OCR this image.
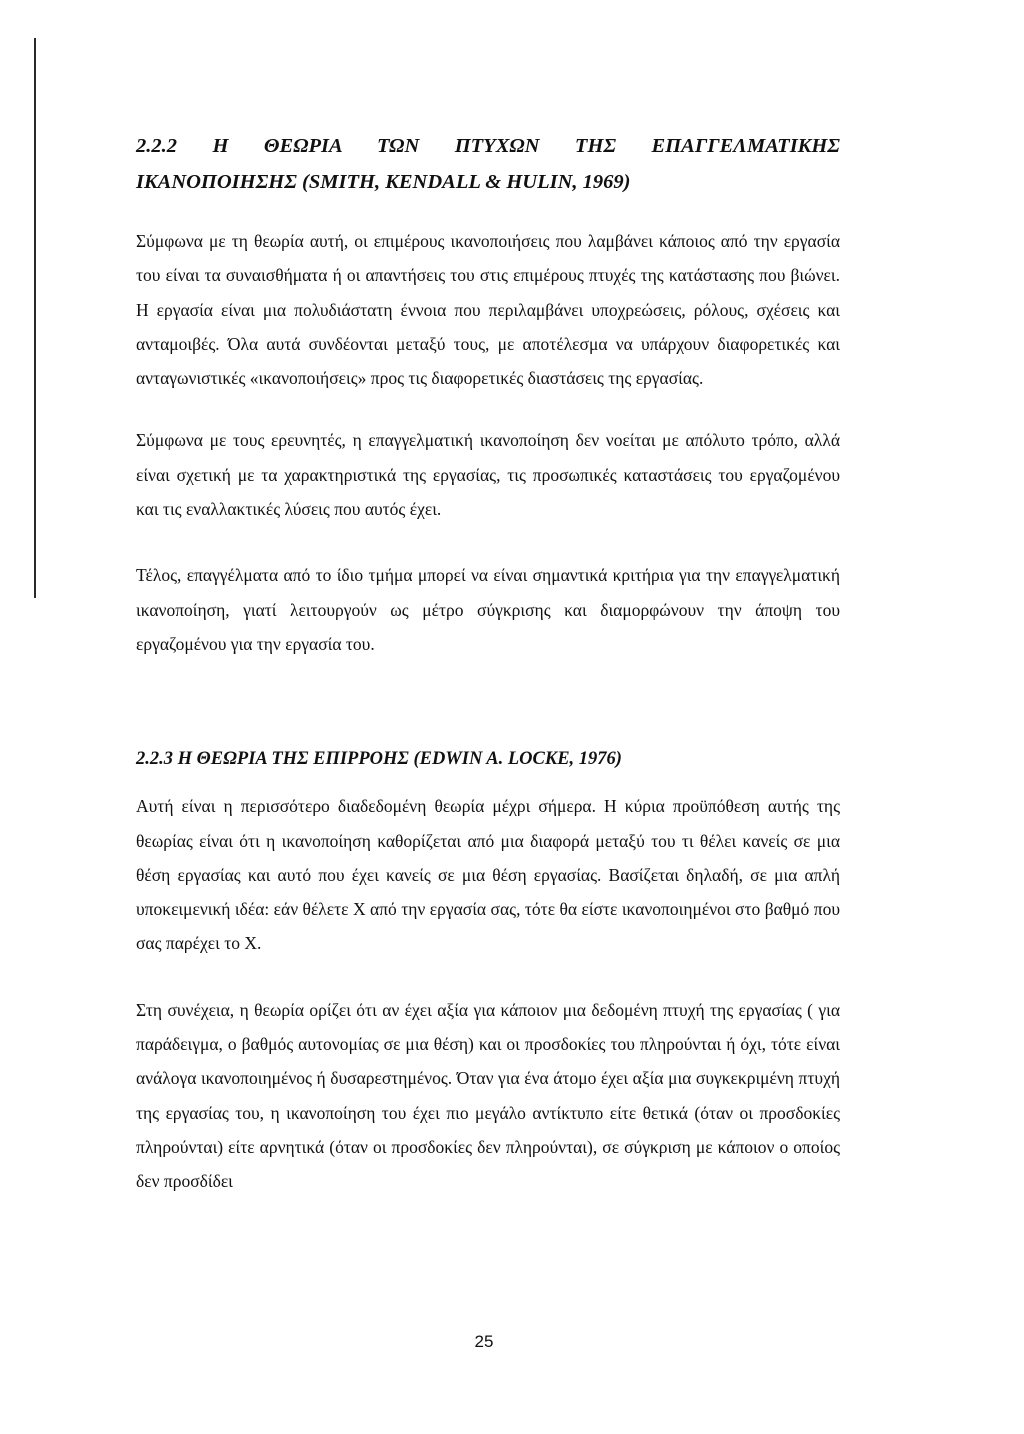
2.2.2 Η ΘΕΩΡΙΑ ΤΩΝ ΠΤΥΧΩΝ ΤΗΣ ΕΠΑΓΓΕΛΜΑΤΙΚΗΣ
ΙΚΑΝΟΠΟΙΗΣΗΣ (SMITH, KENDALL & HULIN, 1969)

Σύμφωνα με τη θεωρία αυτή, οι επιμέρους ικανοποιήσεις που λαμβάνει κάποιος από την εργασία του είναι τα συναισθήματα ή οι απαντήσεις του στις επιμέρους πτυχές της κατάστασης που βιώνει. Η εργασία είναι μια πολυδιάστατη έννοια που περιλαμβάνει υποχρεώσεις, ρόλους, σχέσεις και ανταμοιβές. Όλα αυτά συνδέονται μεταξύ τους, με αποτέλεσμα να υπάρχουν διαφορετικές και ανταγωνιστικές «ικανοποιήσεις» προς τις διαφορετικές διαστάσεις της εργασίας.

Σύμφωνα με τους ερευνητές, η επαγγελματική ικανοποίηση δεν νοείται με απόλυτο τρόπο, αλλά είναι σχετική με τα χαρακτηριστικά της εργασίας, τις προσωπικές καταστάσεις του εργαζομένου και τις εναλλακτικές λύσεις που αυτός έχει.

Τέλος, επαγγέλματα από το ίδιο τμήμα μπορεί να είναι σημαντικά κριτήρια για την επαγγελματική ικανοποίηση, γιατί λειτουργούν ως μέτρο σύγκρισης και διαμορφώνουν την άποψη του εργαζομένου για την εργασία του.

2.2.3 Η ΘΕΩΡΙΑ ΤΗΣ ΕΠΙΡΡΟΗΣ (EDWIN A. LOCKE, 1976)

Αυτή είναι η περισσότερο διαδεδομένη θεωρία μέχρι σήμερα. Η κύρια προϋπόθεση αυτής της θεωρίας είναι ότι η ικανοποίηση καθορίζεται από μια διαφορά μεταξύ του τι θέλει κανείς σε μια θέση εργασίας και αυτό που έχει κανείς σε μια θέση εργασίας. Βασίζεται δηλαδή, σε μια απλή υποκειμενική ιδέα: εάν θέλετε Χ από την εργασία σας, τότε θα είστε ικανοποιημένοι στο βαθμό που σας παρέχει το Χ.

Στη συνέχεια, η θεωρία ορίζει ότι αν έχει αξία για κάποιον μια δεδομένη πτυχή της εργασίας ( για παράδειγμα, ο βαθμός αυτονομίας σε μια θέση) και οι προσδοκίες του πληρούνται ή όχι, τότε είναι ανάλογα ικανοποιημένος ή δυσαρεστημένος. Όταν για ένα άτομο έχει αξία μια συγκεκριμένη πτυχή της εργασίας του, η ικανοποίηση του έχει πιο μεγάλο αντίκτυπο είτε θετικά (όταν οι προσδοκίες πληρούνται) είτε αρνητικά (όταν οι προσδοκίες δεν πληρούνται), σε σύγκριση με κάποιον ο οποίος δεν προσδίδει

25
